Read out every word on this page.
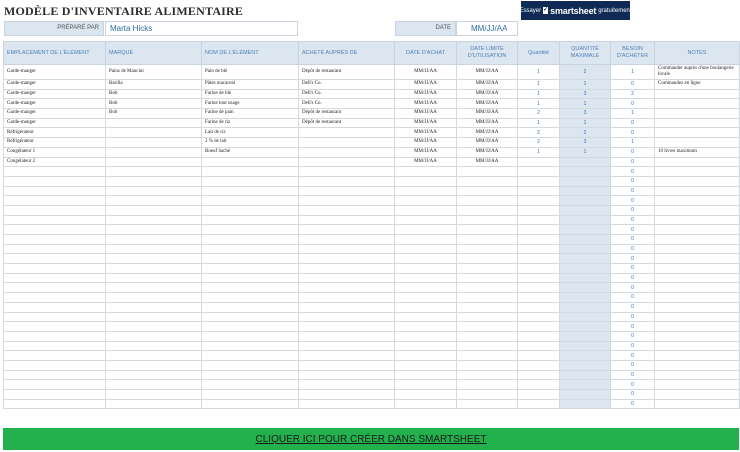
MODÈLE D'INVENTAIRE ALIMENTAIRE
PRÉPARÉ PAR	Marta Hicks	DATE	MM/JJ/AA
Essayer ✓ smartsheet gratuitement
EMPLACEMENT DE L'ÉLÉMENT	MARQUE	NOM DE L'ÉLÉMENT	ACHETÉ AUPRÈS DE	DATE D'ACHAT	DATE LIMITE D'UTILISATION	Quantité	QUANTITÉ MAXIMALE	BESOIN D'ACHETER	NOTES
Garde-manger	Pains de Mancini	Pain de blé	Dépôt de restaurant	MM/JJ/AA	MM/JJ/AA	1	2	1	Commander auprès d'une boulangerie locale
Garde-manger	Barilla	Pâtes macaroni	Dell's Co.	MM/JJ/AA	MM/JJ/AA	1	1	0	Commandez en ligne
Garde-manger	Bob	Farine de blé	Dell's Co.	MM/JJ/AA	MM/JJ/AA	1	3	2	
Garde-manger	Bob	Farine tout usage	Dell's Co.	MM/JJ/AA	MM/JJ/AA	1	1	0	
Garde-manger	Bob	Farine de pain	Dépôt de restaurant	MM/JJ/AA	MM/JJ/AA	2	3	1	
Garde-manger		Farine de riz	Dépôt de restaurant	MM/JJ/AA	MM/JJ/AA	1	1	0	
Réfrigérateur		Lait de riz		MM/JJ/AA	MM/JJ/AA	2	2	0	
Réfrigérateur		2 % de lait		MM/JJ/AA	MM/JJ/AA	2	3	1	
Congélateur 1		Boeuf haché		MM/JJ/AA	MM/JJ/AA	1	1	0	10 livres maximum
Congélateur 2				MM/JJ/AA	MM/JJ/AA			0	
								0	
								0	
								0	
								0	
								0	
								0	
								0	
								0	
								0	
								0	
								0	
								0	
								0	
								0	
								0	
								0	
								0	
								0	
								0	
								0	
								0	
								0	
								0	
								0	
								0	
CLIQUER ICI POUR CRÉER DANS SMARTSHEET
